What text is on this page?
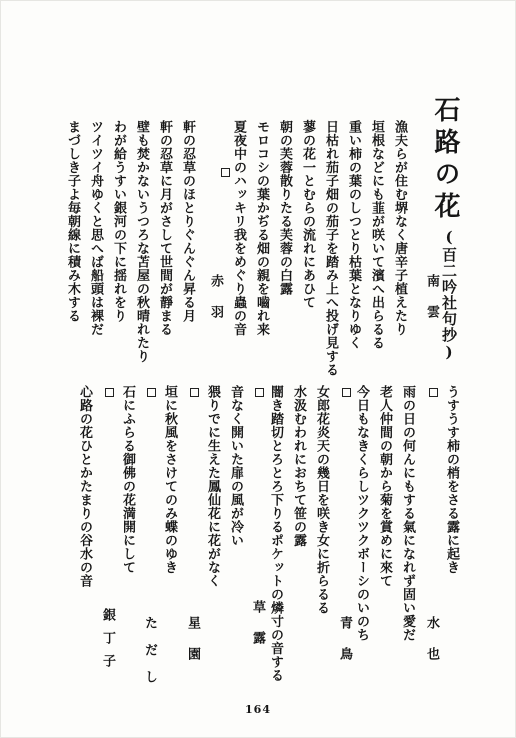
石路の花
(百二吟社句抄)
南雲
漁夫らが住む堺なく唐辛子植えたり
垣根などにも韮が咲いて濱へ出らるる
重い柿の葉のしつとり枯葉となりゆく
日枯れ茄子畑の茄子を踏み上へ投げ見する
蓼の花一とむらの流れにあひて
朝の芙蓉散りたる芙蓉の白露
モロコシの葉かぢる畑の親を嚙れ来
夏夜中のハッキリ我をめぐり蟲の音
赤羽
軒の忍草のほとりぐんぐん昇る月
軒の忍草に月がさして世間が靜まる
壁も焚かないうつろな苫屋の秋晴れたり
わが給うすい銀河の下に揺れをり
ツイツイ舟ゆくと思へば船頭は裸だ
まづしき子よ毎朝線に積み木する
うすうす柿の梢をさる露に起き
水也
雨の日の何んにもする氣になれず固い愛だ
老人仲間の朝から菊を賞めに來て
今日もなきくらしツクツクボーシのいのち
青鳥
女郎花炎天の幾日を咲き女に折らるる
水汲むわれにおちて笹の露
闇き踏切とろとろ下りるポケットの燐寸の音する
草露
音なく開いた扉の風が冷い
猥りでに生えた鳳仙花に花がなく
星園
垣に秋風をさけてのみ蝶のゆき
ただし
石にふらる御佛の花満開にして
銀丁子
心路の花ひとかたまりの谷水の音
164
